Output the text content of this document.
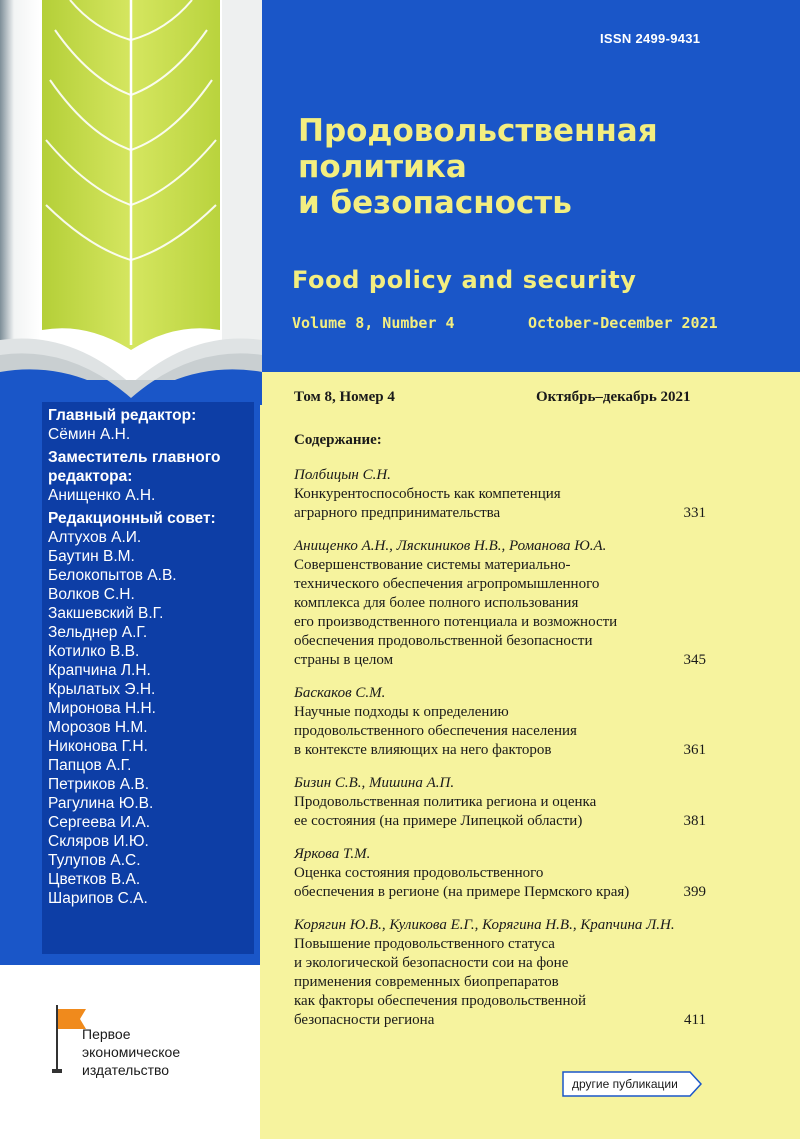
ISSN 2499-9431
Продовольственная
политика
и безопасность
Food policy and security
Volume 8, Number 4	October-December 2021
Главный редактор:
Сёмин А.Н.
Заместитель главного редактора:
Анищенко А.Н.
Редакционный совет:
Алтухов А.И.
Баутин В.М.
Белокопытов А.В.
Волков С.Н.
Закшевский В.Г.
Зельднер А.Г.
Котилко В.В.
Крапчина Л.Н.
Крылатых Э.Н.
Миронова Н.Н.
Морозов Н.М.
Никонова Г.Н.
Папцов А.Г.
Петриков А.В.
Рагулина Ю.В.
Сергеева И.А.
Скляров И.Ю.
Тулупов А.С.
Цветков В.А.
Шарипов С.А.
Первое
экономическое
издательство
Том 8, Номер 4	Октябрь–декабрь 2021
Содержание:
Полбицын С.Н.
Конкурентоспособность как компетенция
аграрного предпринимательства	331
Анищенко А.Н., Ляскиников Н.В., Романова Ю.А.
Совершенствование системы материально-
технического обеспечения агропромышленного
комплекса для более полного использования
его производственного потенциала и возможности
обеспечения продовольственной безопасности
страны в целом	345
Баскаков С.М.
Научные подходы к определению
продовольственного обеспечения населения
в контексте влияющих на него факторов	361
Бизин С.В., Мишина А.П.
Продовольственная политика региона и оценка
ее состояния (на примере Липецкой области)	381
Яркова Т.М.
Оценка состояния продовольственного
обеспечения в регионе (на примере Пермского края)	399
Корягин Ю.В., Куликова Е.Г., Корягина Н.В., Крапчина Л.Н.
Повышение продовольственного статуса
и экологической безопасности сои на фоне
применения современных биопрепаратов
как факторы обеспечения продовольственной
безопасности региона	411
другие публикации
